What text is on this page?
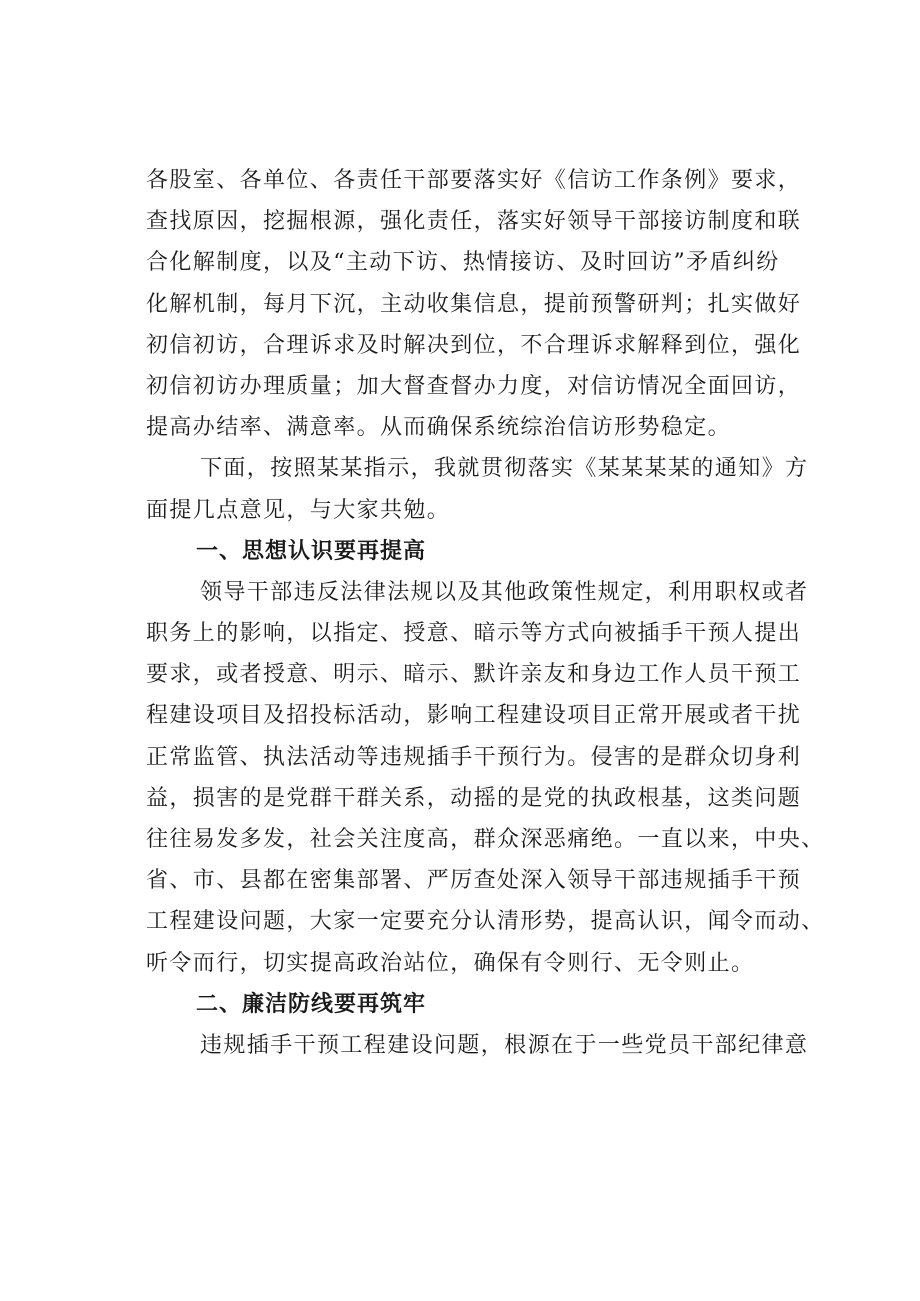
各股室、各单位、各责任干部要落实好《信访工作条例》要求，
查找原因，挖掘根源，强化责任，落实好领导干部接访制度和联
合化解制度，以及“主动下访、热情接访、及时回访”矛盾纠纷
化解机制，每月下沉，主动收集信息，提前预警研判；扎实做好
初信初访，合理诉求及时解决到位，不合理诉求解释到位，强化
初信初访办理质量；加大督查督办力度，对信访情况全面回访，
提高办结率、满意率。从而确保系统综治信访形势稳定。
下面，按照某某指示，我就贯彻落实《某某某某的通知》方
面提几点意见，与大家共勉。
一、思想认识要再提高
领导干部违反法律法规以及其他政策性规定，利用职权或者
职务上的影响，以指定、授意、暗示等方式向被插手干预人提出
要求，或者授意、明示、暗示、默许亲友和身边工作人员干预工
程建设项目及招投标活动，影响工程建设项目正常开展或者干扰
正常监管、执法活动等违规插手干预行为。侵害的是群众切身利
益，损害的是党群干群关系，动摇的是党的执政根基，这类问题
往往易发多发，社会关注度高，群众深恶痛绝。一直以来，中央、
省、市、县都在密集部署、严厉查处深入领导干部违规插手干预
工程建设问题，大家一定要充分认清形势，提高认识，闻令而动、
听令而行，切实提高政治站位，确保有令则行、无令则止。
二、廉洁防线要再筑牢
违规插手干预工程建设问题，根源在于一些党员干部纪律意
